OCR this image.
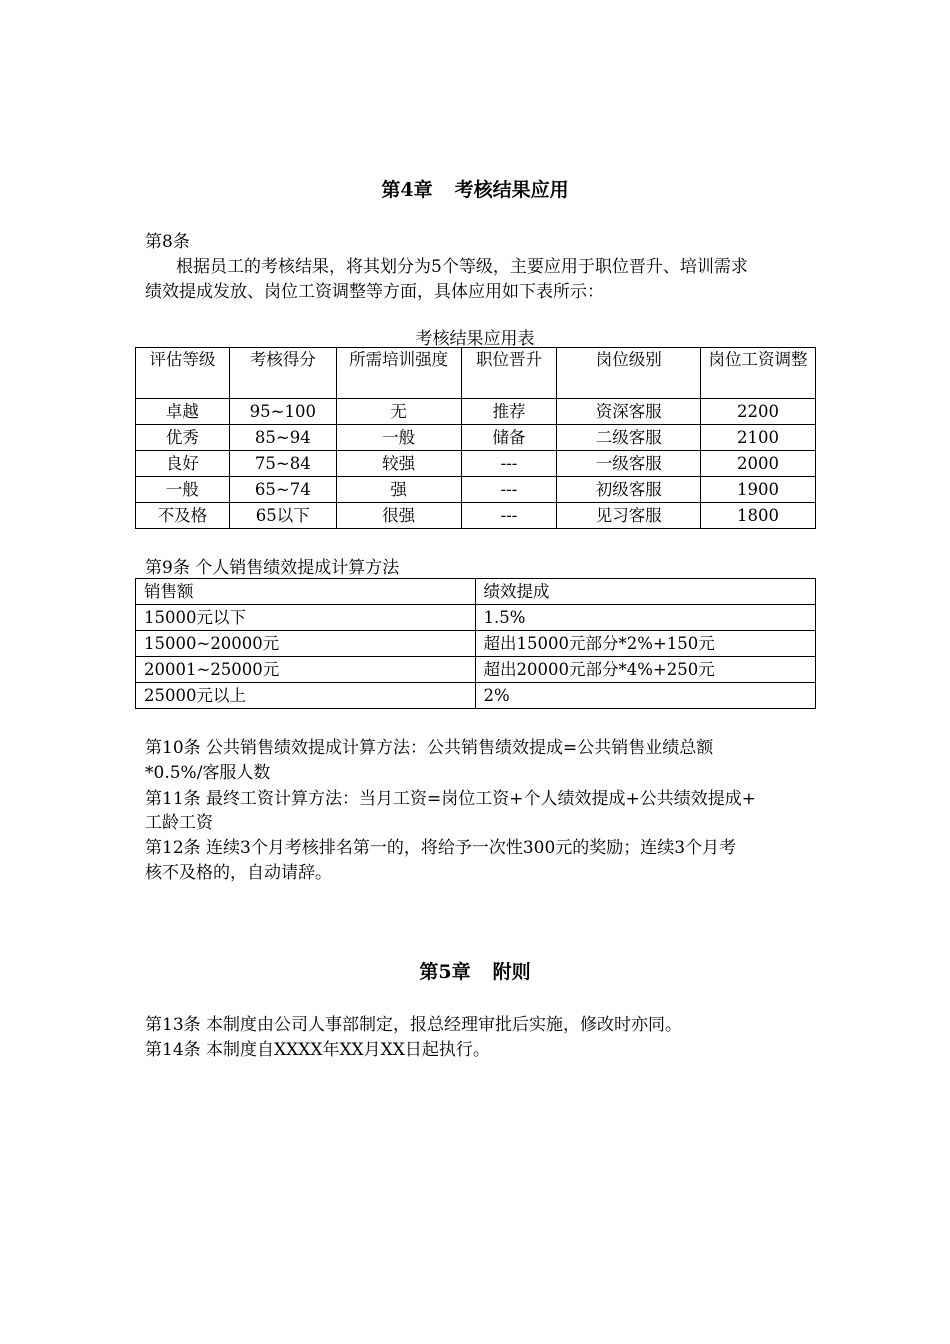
第4章 考核结果应用
第8条
根据员工的考核结果，将其划分为5个等级，主要应用于职位晋升、培训需求
绩效提成发放、岗位工资调整等方面，具体应用如下表所示：
考核结果应用表
评估等级	考核得分	所需培训强度	职位晋升	岗位级别	岗位工资调整
卓越	95~100	无	推荐	资深客服	2200
优秀	85~94	一般	储备	二级客服	2100
良好	75~84	较强	---	一级客服	2000
一般	65~74	强	---	初级客服	1900
不及格	65以下	很强	---	见习客服	1800
第9条 个人销售绩效提成计算方法
销售额	绩效提成
15000元以下	1.5%
15000~20000元	超出15000元部分*2%+150元
20001~25000元	超出20000元部分*4%+250元
25000元以上	2%
第10条 公共销售绩效提成计算方法：公共销售绩效提成=公共销售业绩总额
*0.5%/客服人数
第11条 最终工资计算方法：当月工资=岗位工资+个人绩效提成+公共绩效提成+
工龄工资
第12条 连续3个月考核排名第一的，将给予一次性300元的奖励；连续3个月考
核不及格的，自动请辞。
第5章 附则
第13条 本制度由公司人事部制定，报总经理审批后实施，修改时亦同。
第14条 本制度自XXXX年XX月XX日起执行。
